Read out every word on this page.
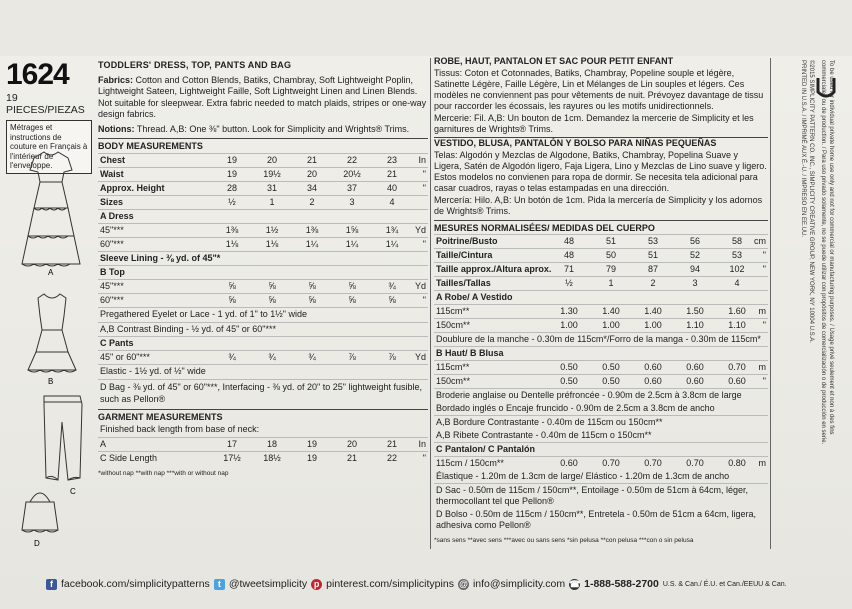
1624
19 PIECES/PIEZAS
Métrages et instructions de couture en Français à l'intérieur de l'enveloppe.
A
B
C
D
TODDLERS' DRESS, TOP, PANTS AND BAG

Fabrics: Cotton and Cotton Blends, Batiks, Chambray, Soft Lightweight Poplin, Lightweight Sateen, Lightweight Faille, Soft Lightweight Linen and Linen Blends. Not suitable for sleepwear. Extra fabric needed to match plaids, stripes or one-way design fabrics.

Notions: Thread. A,B: One ⅜" button. Look for Simplicity and Wrights® Trims.

BODY MEASUREMENTS
Chest	19	20	21	22	23	In
Waist	19	19½	20	20½	21	"
Approx. Height	28	31	34	37	40	"
Sizes	½	1	2	3	4
A Dress
45"***	1⅜	1½	1⅜	1⅝	1¾	Yd
60"***	1⅛	1⅛	1¼	1¼	1¼	"
Sleeve Lining - ⅜ yd. of 45"*
B Top
45"***	⅝	⅝	⅝	⅝	¾	Yd
60"***	⅝	⅝	⅝	⅝	⅝	"
Pregathered Eyelet or Lace - 1 yd. of 1" to 1½" wide
A,B Contrast Binding - ½ yd. of 45" or 60"***
C Pants
45" or 60"***	¾	¾	¾	⅞	⅞	Yd
Elastic - 1½ yd. of ½" wide
D Bag - ⅜ yd. of 45" or 60"***, Interfacing - ⅜ yd. of 20" to 25" lightweight fusible, such as Pellon®
GARMENT MEASUREMENTS
Finished back length from base of neck:
A	17	18	19	20	21	In
C Side Length	17½	18½	19	21	22	"
*without nap **with nap ***with or without nap
ROBE, HAUT, PANTALON ET SAC POUR PETIT ENFANT

Tissus: Coton et Cotonnades, Batiks, Chambray, Popeline souple et légère, Satinette Légère, Faille Légère, Lin et Mélanges de Lin souples et légers. Ces modèles ne conviennent pas pour vêtements de nuit. Prévoyez davantage de tissu pour raccorder les écossais, les rayures ou les motifs unidirectionnels.

Mercerie: Fil. A,B: Un bouton de 1cm. Demandez la mercerie de Simplicity et les garnitures de Wrights® Trims.

VESTIDO, BLUSA, PANTALÓN Y BOLSO PARA NIÑAS PEQUEÑAS

Telas: Algodón y Mezclas de Algodone, Batiks, Chambray, Popelina Suave y Ligera, Satén de Algodón ligero, Faja Ligera, Lino y Mezclas de Lino suave y ligero. Estos modelos no convienen para ropa de dormir. Se necesita tela adicional para casar cuadros, rayas o telas estampadas en una dirección.

Mercería: Hilo. A,B: Un botón de 1cm. Pida la mercería de Simplicity y los adornos de Wrights® Trims.

MESURES NORMALISÉES/ MEDIDAS DEL CUERPO
Poitrine/Busto	48	51	53	56	58	cm
Taille/Cintura	48	50	51	52	53	"
Taille approx./Altura aprox.	71	79	87	94	102	"
Tailles/Tallas	½	1	2	3	4
A Robe/ A Vestido
115cm**	1.30	1.40	1.40	1.50	1.60	m
150cm**	1.00	1.00	1.00	1.10	1.10	"
Doublure de la manche - 0.30m de 115cm*/Forro de la manga - 0.30m de 115cm*
B Haut/ B Blusa
115cm**	0.50	0.50	0.60	0.60	0.70	m
150cm**	0.50	0.50	0.60	0.60	0.60	"
Broderie anglaise ou Dentelle préfroncée - 0.90m de 2.5cm à 3.8cm de large
Bordado inglés o Encaje fruncido - 0.90m de 2.5cm a 3.8cm de ancho
A,B Bordure Contrastante - 0.40m de 115cm ou 150cm**
A,B Ribete Contrastante - 0.40m de 115cm o 150cm**
C Pantalon/ C Pantalón
115cm / 150cm**	0.60	0.70	0.70	0.70	0.80	m
Élastique - 1.20m de 1.3cm de large/ Elástico - 1.20m de 1.3cm de ancho
D Sac - 0.50m de 115cm / 150cm**, Entoilage - 0.50m de 51cm à 64cm, léger, thermocollant tel que Pellon®
D Bolso - 0.50m de 115cm / 150cm**, Entretela - 0.50m de 51cm a 64cm, ligera, adhesiva como Pellon®
*sans sens **avec sens ***avec ou sans sens *sin pelusa **con pelusa ***con o sin pelusa
To be used for individual private home use only and not for commercial or manufacturing purposes. / Usage privé seulement et non à des fins
commerciales ou de production. / Para uso privado solamente, no se puede utilizar con propósitos de comercialización o de producción en serie.
©2015 SIMPLICITY PATTERN CO. INC., SIMPLICITY CREATIVE GROUP, NEW YORK, NY 10004 U.S.A.
PRINTED IN U.S.A. / IMPRIMÉ AUX É.-U. / IMPRESO EN EE.UU.
f facebook.com/simplicitypatterns t @tweetsimplicity p pinterest.com/simplicitypins @ info@simplicity.com ☎ 1-888-588-2700 U.S. & Can./ É.U. et Can./EEUU & Can.
